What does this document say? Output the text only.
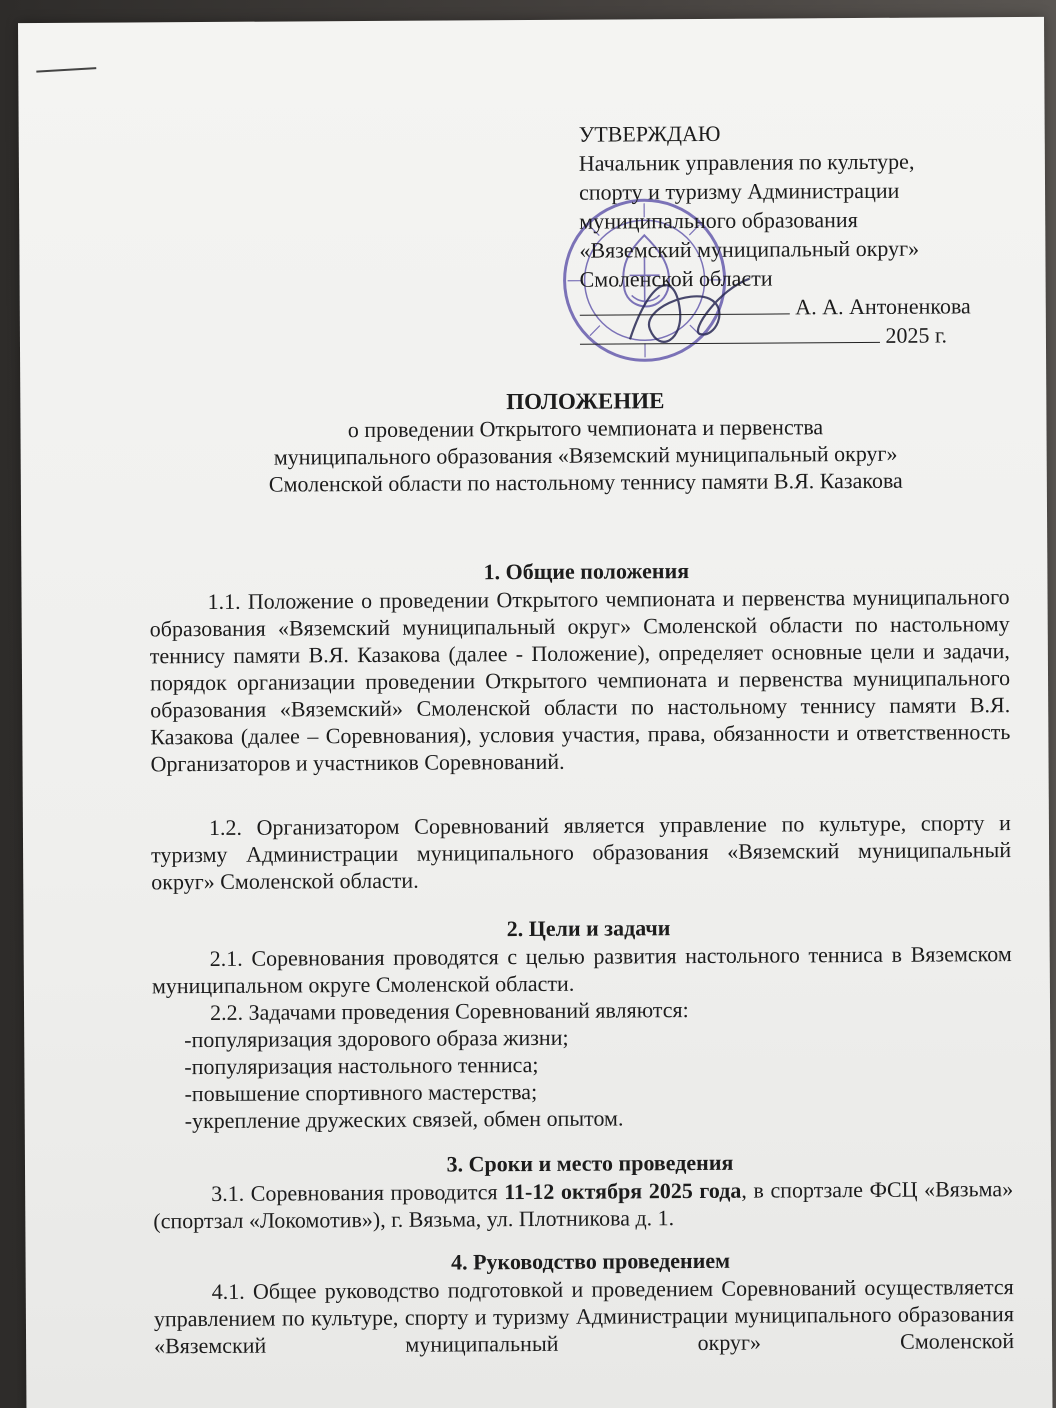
УТВЕРЖДАЮ
Начальник управления по культуре,
спорту и туризму Администрации
муниципального образования
«Вяземский муниципальный округ»
Смоленской области
А. А. Антоненкова
2025 г.
ПОЛОЖЕНИЕ
о проведении Открытого чемпионата и первенства
муниципального образования «Вяземский муниципальный округ»
Смоленской области по настольному теннису памяти В.Я. Казакова
1. Общие положения
1.1. Положение о проведении Открытого чемпионата и первенства муниципального образования «Вяземский муниципальный округ» Смоленской области по настольному теннису памяти В.Я. Казакова (далее - Положение), определяет основные цели и задачи, порядок организации проведении Открытого чемпионата и первенства муниципального образования «Вяземский» Смоленской области по настольному теннису памяти В.Я. Казакова (далее – Соревнования), условия участия, права, обязанности и ответственность Организаторов и участников Соревнований.
1.2. Организатором Соревнований является управление по культуре, спорту и туризму Администрации муниципального образования «Вяземский муниципальный округ» Смоленской области.
2. Цели и задачи
2.1. Соревнования проводятся с целью развития настольного тенниса в Вяземском муниципальном округе Смоленской области.
2.2. Задачами проведения Соревнований являются:
-популяризация здорового образа жизни;
-популяризация настольного тенниса;
-повышение спортивного мастерства;
-укрепление дружеских связей, обмен опытом.
3. Сроки и место проведения
3.1. Соревнования проводится 11-12 октября 2025 года, в спортзале ФСЦ «Вязьма» (спортзал «Локомотив»), г. Вязьма, ул. Плотникова д. 1.
4. Руководство проведением
4.1. Общее руководство подготовкой и проведением Соревнований осуществляется управлением по культуре, спорту и туризму Администрации муниципального образования «Вяземский муниципальный округ» Смоленской
